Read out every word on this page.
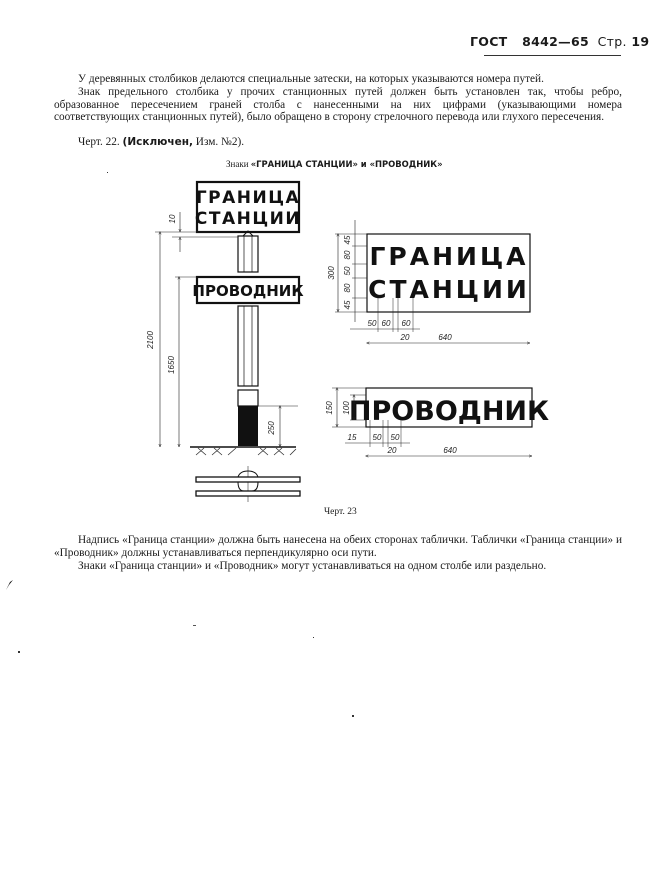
ГОСТ 8442—65 Стр. 19
У деревянных столбиков делаются специальные затески, на которых указываются номера путей.
Знак предельного столбика у прочих станционных путей должен быть установлен так, чтобы ребро, образованное пересечением граней столба с нанесенными на них цифрами (указывающими номера соответствующих станционных путей), было обращено в сторону стрелочного перевода или глухого пересечения.
Черт. 22. (Исключен, Изм. №2).
Знаки «ГРАНИЦА СТАНЦИИ» и «ПРОВОДНИК»
ГРАНИЦА
СТАНЦИИ
ПРОВОДНИК
10
2100
1650
250
ГРАНИЦА
СТАНЦИИ
300
45
80
50
80
45
50 60 60
20	640
ПРОВОДНИК
150 100
15 50 50
20	640
Черт. 23
Надпись «Граница станции» должна быть нанесена на обеих сторонах таблички. Таблички «Граница станции» и «Проводник» должны устанавливаться перпендикулярно оси пути.
Знаки «Граница станции» и «Проводник» могут устанавливаться на одном столбе или раздельно.
